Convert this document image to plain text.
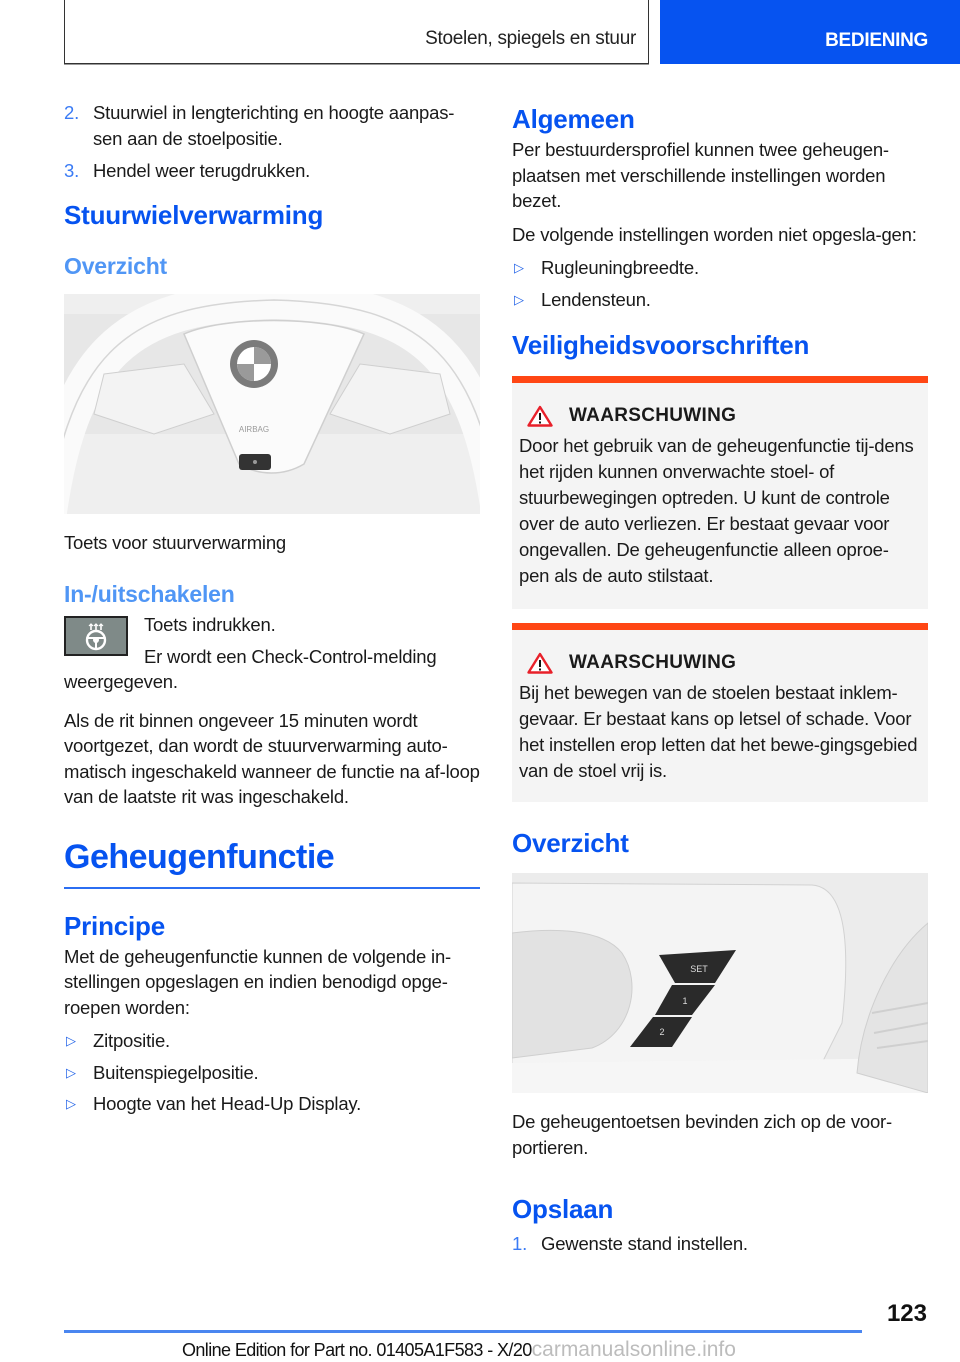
Stoelen, spiegels en stuur	BEDIENING
2. Stuurwiel in lengterichting en hoogte aanpas-sen aan de stoelpositie.
3. Hendel weer terugdrukken.
Stuurwielverwarming
Overzicht
AIRBAG
Toets voor stuurverwarming
In-/uitschakelen
Toets indrukken.
Er wordt een Check-Control-melding weergegeven.
Als de rit binnen ongeveer 15 minuten wordt voortgezet, dan wordt de stuurverwarming auto-matisch ingeschakeld wanneer de functie na af-loop van de laatste rit was ingeschakeld.
Geheugenfunctie
Principe
Met de geheugenfunctie kunnen de volgende in-stellingen opgeslagen en indien benodigd opge-roepen worden:
▷ Zitpositie.
▷ Buitenspiegelpositie.
▷ Hoogte van het Head-Up Display.
Algemeen
Per bestuurdersprofiel kunnen twee geheugen-plaatsen met verschillende instellingen worden bezet.
De volgende instellingen worden niet opgesla-gen:
▷ Rugleuningbreedte.
▷ Lendensteun.
Veiligheidsvoorschriften
WAARSCHUWING
Door het gebruik van de geheugenfunctie tij-dens het rijden kunnen onverwachte stoel- of stuurbewegingen optreden. U kunt de controle over de auto verliezen. Er bestaat gevaar voor ongevallen. De geheugenfunctie alleen oproe-pen als de auto stilstaat.
WAARSCHUWING
Bij het bewegen van de stoelen bestaat inklem-gevaar. Er bestaat kans op letsel of schade. Voor het instellen erop letten dat het bewe-gingsgebied van de stoel vrij is.
Overzicht
SET
1
2
De geheugentoetsen bevinden zich op de voor-portieren.
Opslaan
1. Gewenste stand instellen.
123
Online Edition for Part no. 01405A1F583 - X/20carmanualsonline.info
